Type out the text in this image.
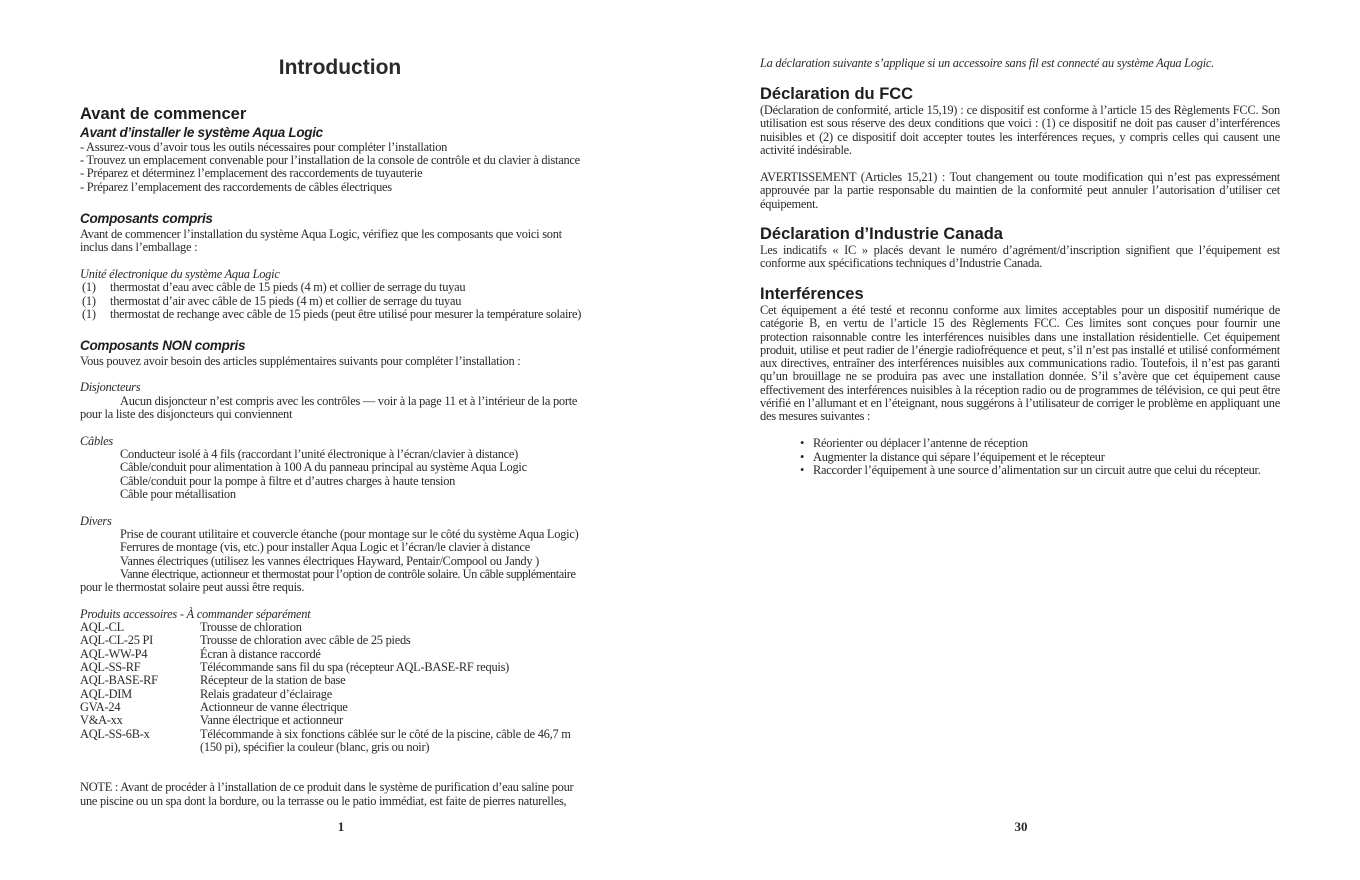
Introduction
Avant de commencer
Avant d’installer le système Aqua Logic
- Assurez-vous d’avoir tous les outils nécessaires pour compléter l’installation
- Trouvez un emplacement convenable pour l’installation de la console de contrôle et du clavier à distance
- Préparez et déterminez l’emplacement des raccordements de tuyauterie
- Préparez l’emplacement des raccordements de câbles électriques
Composants compris
Avant de commencer l’installation du système Aqua Logic, vérifiez que les composants que voici sont
inclus dans l’emballage :
Unité électronique du système Aqua Logic
(1) thermostat d’eau avec câble de 15 pieds (4 m) et collier de serrage du tuyau
(1) thermostat d’air avec câble de 15 pieds (4 m) et collier de serrage du tuyau
(1) thermostat de rechange avec câble de 15 pieds (peut être utilisé pour mesurer la température solaire)
Composants NON compris
Vous pouvez avoir besoin des articles supplémentaires suivants pour compléter l’installation :
Disjoncteurs
Aucun disjoncteur n’est compris avec les contrôles — voir à la page 11 et à l’intérieur de la porte
pour la liste des disjoncteurs qui conviennent
Câbles
Conducteur isolé à 4 fils (raccordant l’unité électronique à l’écran/clavier à distance)
Câble/conduit pour alimentation à 100 A du panneau principal au système Aqua Logic
Câble/conduit pour la pompe à filtre et d’autres charges à haute tension
Câble pour métallisation
Divers
Prise de courant utilitaire et couvercle étanche (pour montage sur le côté du système Aqua Logic)
Ferrures de montage (vis, etc.) pour installer Aqua Logic et l’écran/le clavier à distance
Vannes électriques (utilisez les vannes électriques Hayward, Pentair/Compool ou Jandy )
Vanne électrique, actionneur et thermostat pour l’option de contrôle solaire. Un câble supplémentaire
pour le thermostat solaire peut aussi être requis.
Produits accessoires - À commander séparément
AQL-CL	Trousse de chloration
AQL-CL-25 PI	Trousse de chloration avec câble de 25 pieds
AQL-WW-P4	Écran à distance raccordé
AQL-SS-RF	Télécommande sans fil du spa (récepteur AQL-BASE-RF requis)
AQL-BASE-RF	Récepteur de la station de base
AQL-DIM	Relais gradateur d’éclairage
GVA-24	Actionneur de vanne électrique
V&A-xx	Vanne électrique et actionneur
AQL-SS-6B-x	Télécommande à six fonctions câblée sur le côté de la piscine, câble de 46,7 m
(150 pi), spécifier la couleur (blanc, gris ou noir)
NOTE : Avant de procéder à l’installation de ce produit dans le système de purification d’eau saline pour
une piscine ou un spa dont la bordure, ou la terrasse ou le patio immédiat, est faite de pierres naturelles,
1
La déclaration suivante s’applique si un accessoire sans fil est connecté au système Aqua Logic.
Déclaration du FCC
(Déclaration de conformité, article 15,19) : ce dispositif est conforme à l’article 15 des Règlements FCC. Son utilisation est sous réserve des deux conditions que voici : (1) ce dispositif ne doit pas causer d’interférences nuisibles et (2) ce dispositif doit accepter toutes les interférences reçues, y compris celles qui causent une activité indésirable.
AVERTISSEMENT (Articles 15,21) : Tout changement ou toute modification qui n’est pas expressément approuvée par la partie responsable du maintien de la conformité peut annuler l’autorisation d’utiliser cet équipement.
Déclaration d’Industrie Canada
Les indicatifs « IC » placés devant le numéro d’agrément/d’inscription signifient que l’équipement est conforme aux spécifications techniques d’Industrie Canada.
Interférences
Cet équipement a été testé et reconnu conforme aux limites acceptables pour un dispositif numérique de catégorie B, en vertu de l’article 15 des Règlements FCC. Ces limites sont conçues pour fournir une protection raisonnable contre les interférences nuisibles dans une installation résidentielle. Cet équipement produit, utilise et peut radier de l’énergie radiofréquence et peut, s’il n’est pas installé et utilisé conformément aux directives, entraîner des interférences nuisibles aux communications radio. Toutefois, il n’est pas garanti qu’un brouillage ne se produira pas avec une installation donnée. S’il s’avère que cet équipement cause effectivement des interférences nuisibles à la réception radio ou de programmes de télévision, ce qui peut être vérifié en l’allumant et en l’éteignant, nous suggérons à l’utilisateur de corriger le problème en appliquant une des mesures suivantes :
• Réorienter ou déplacer l’antenne de réception
• Augmenter la distance qui sépare l’équipement et le récepteur
• Raccorder l’équipement à une source d’alimentation sur un circuit autre que celui du récepteur.
30
